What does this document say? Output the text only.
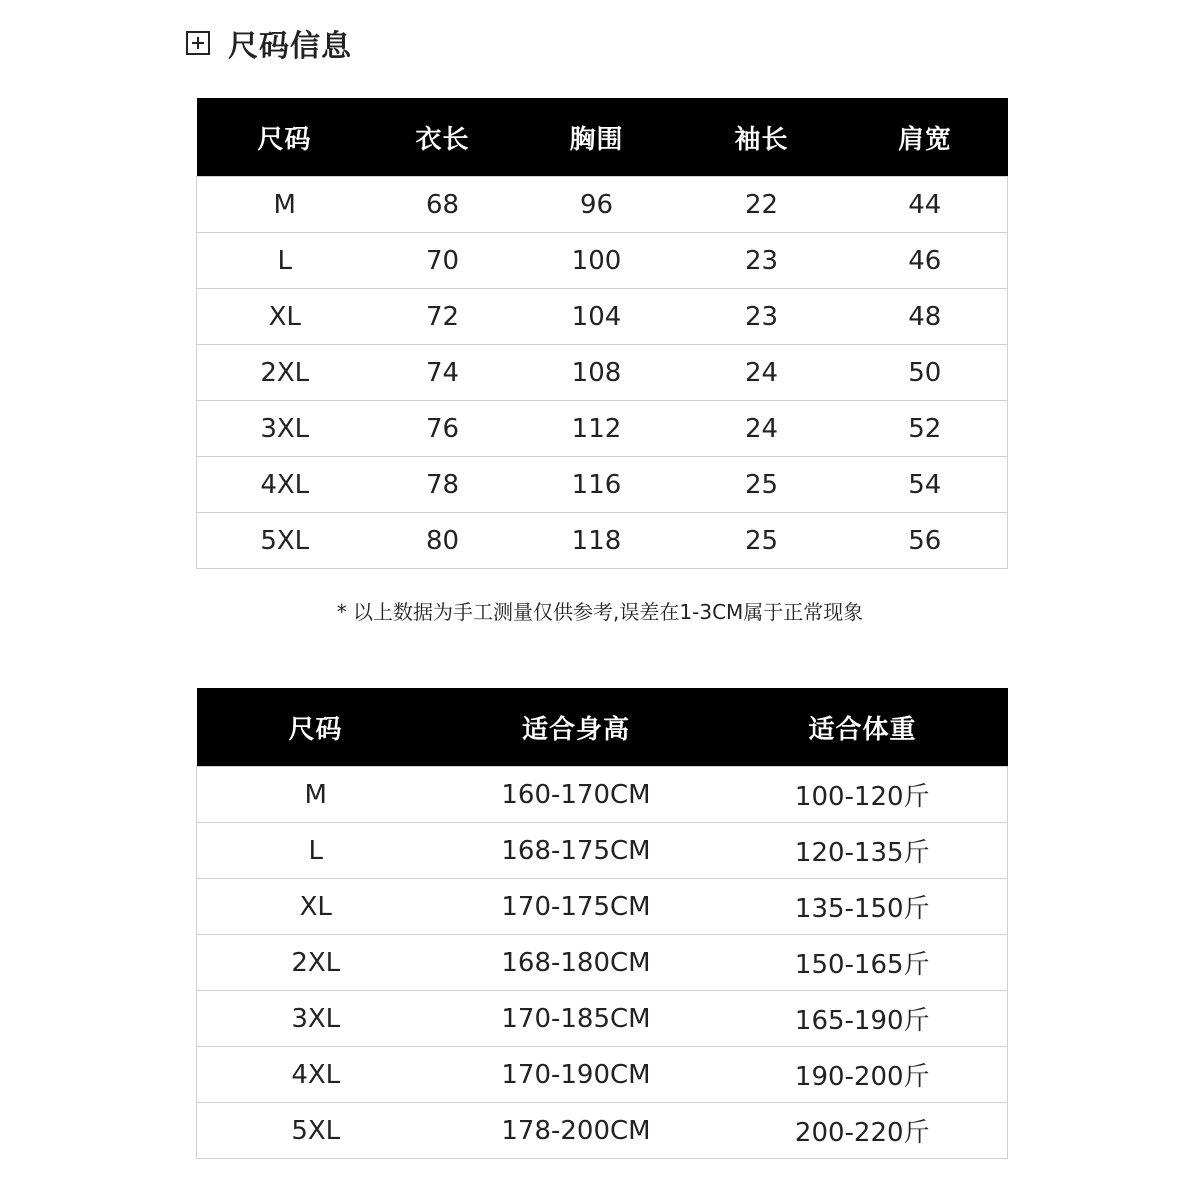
尺码信息
尺码	衣长	胸围	袖长	肩宽
M	68	96	22	44
L	70	100	23	46
XL	72	104	23	48
2XL	74	108	24	50
3XL	76	112	24	52
4XL	78	116	25	54
5XL	80	118	25	56
* 以上数据为手工测量仅供参考,误差在1-3CM属于正常现象
尺码	适合身高	适合体重
M	160-170CM	100-120斤
L	168-175CM	120-135斤
XL	170-175CM	135-150斤
2XL	168-180CM	150-165斤
3XL	170-185CM	165-190斤
4XL	170-190CM	190-200斤
5XL	178-200CM	200-220斤
